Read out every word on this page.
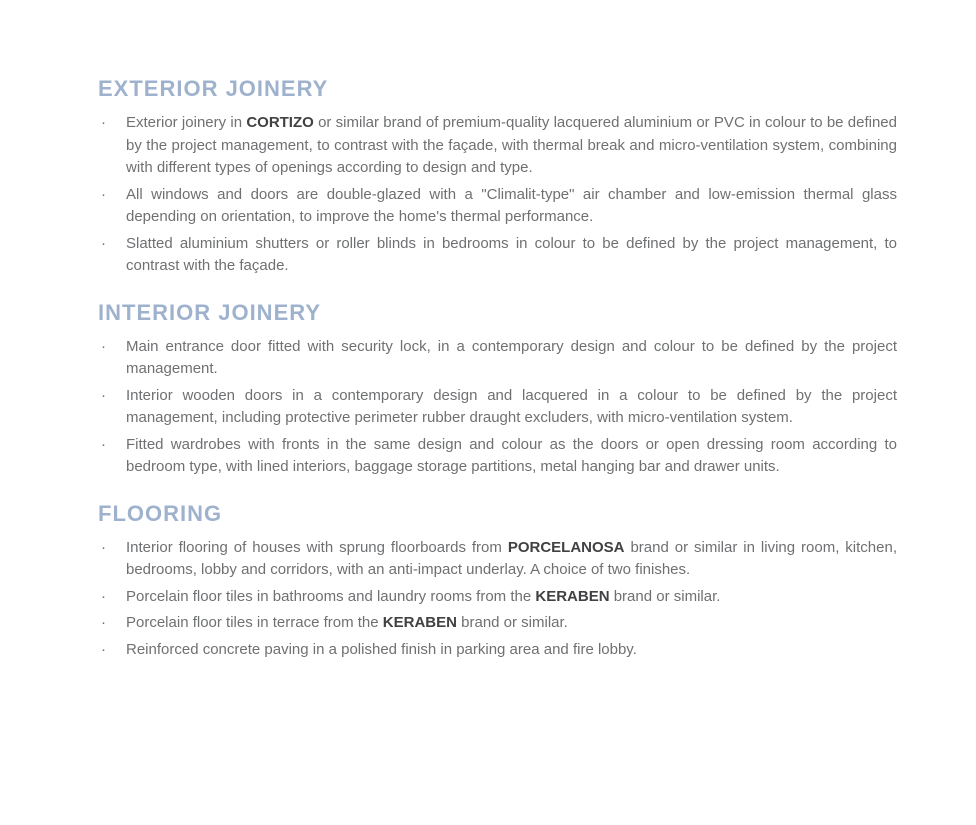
EXTERIOR JOINERY
·	Exterior joinery in CORTIZO or similar brand of premium-quality lacquered aluminium or PVC in colour to be defined by the project management, to contrast with the façade, with thermal break and micro-ventilation system, combining with different types of openings according to design and type.
·	All windows and doors are double-glazed with a "Climalit-type" air chamber and low-emission thermal glass depending on orientation, to improve the home's thermal performance.
·	Slatted aluminium shutters or roller blinds in bedrooms in colour to be defined by the project management, to contrast with the façade.
INTERIOR JOINERY
·	Main entrance door fitted with security lock, in a contemporary design and colour to be defined by the project management.
·	Interior wooden doors in a contemporary design and lacquered in a colour to be defined by the project management, including protective perimeter rubber draught excluders, with micro-ventilation system.
·	Fitted wardrobes with fronts in the same design and colour as the doors or open dressing room according to bedroom type, with lined interiors, baggage storage partitions, metal hanging bar and drawer units.
FLOORING
·	Interior flooring of houses with sprung floorboards from PORCELANOSA brand or similar in living room, kitchen, bedrooms, lobby and corridors, with an anti-impact underlay. A choice of two finishes.
·	Porcelain floor tiles in bathrooms and laundry rooms from the KERABEN brand or similar.
·	Porcelain floor tiles in terrace from the KERABEN brand or similar.
·	Reinforced concrete paving in a polished finish in parking area and fire lobby.
